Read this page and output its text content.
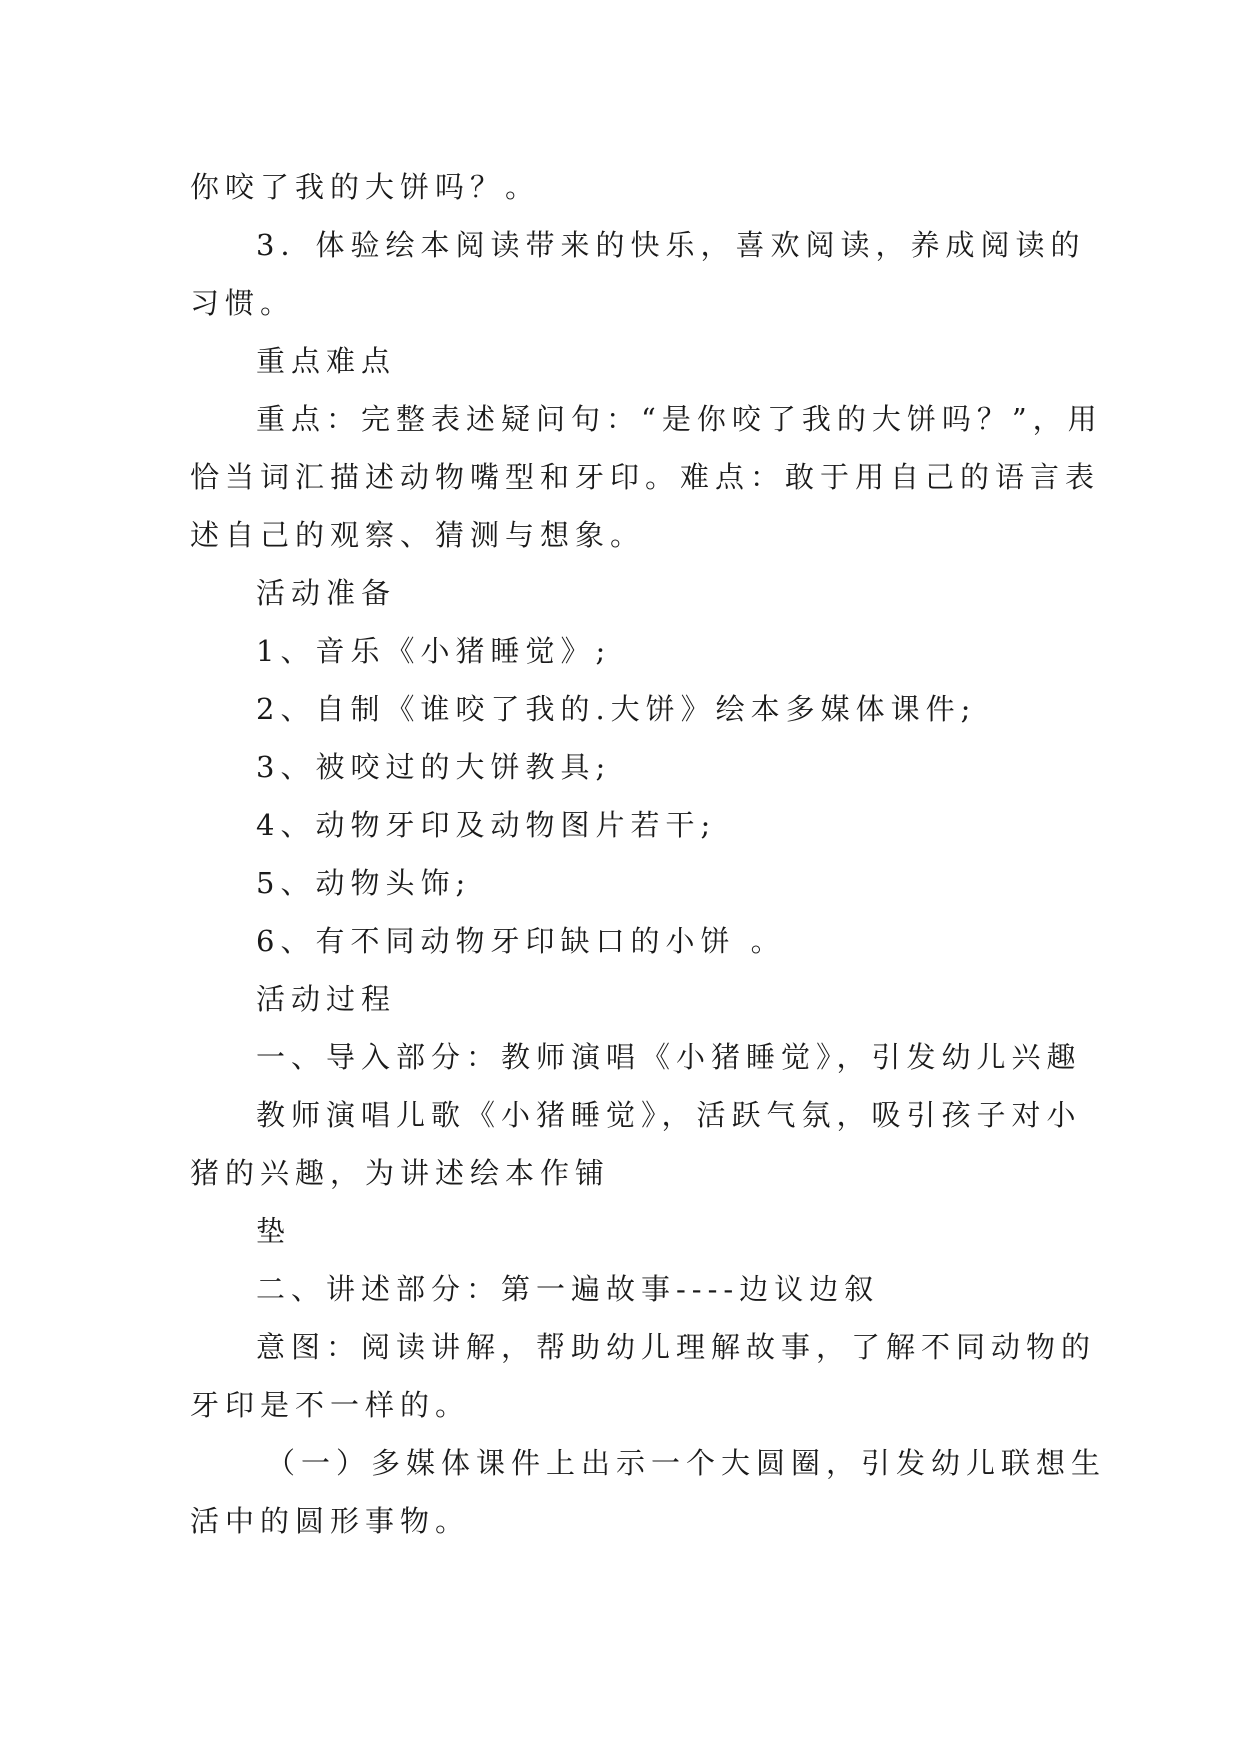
你咬了我的大饼吗？。
3．体验绘本阅读带来的快乐，喜欢阅读，养成阅读的
习惯。
重点难点
重点：完整表述疑问句：“是你咬了我的大饼吗？”，用
恰当词汇描述动物嘴型和牙印。难点：敢于用自己的语言表
述自己的观察、猜测与想象。
活动准备
1、音乐《小猪睡觉》;
2、自制《谁咬了我的.大饼》绘本多媒体课件;
3、被咬过的大饼教具;
4、动物牙印及动物图片若干;
5、动物头饰;
6、有不同动物牙印缺口的小饼 。
活动过程
一、导入部分：教师演唱《小猪睡觉》，引发幼儿兴趣
教师演唱儿歌《小猪睡觉》，活跃气氛，吸引孩子对小
猪的兴趣，为讲述绘本作铺
垫
二、讲述部分：第一遍故事----边议边叙
意图：阅读讲解，帮助幼儿理解故事，了解不同动物的
牙印是不一样的。
（一）多媒体课件上出示一个大圆圈，引发幼儿联想生
活中的圆形事物。
